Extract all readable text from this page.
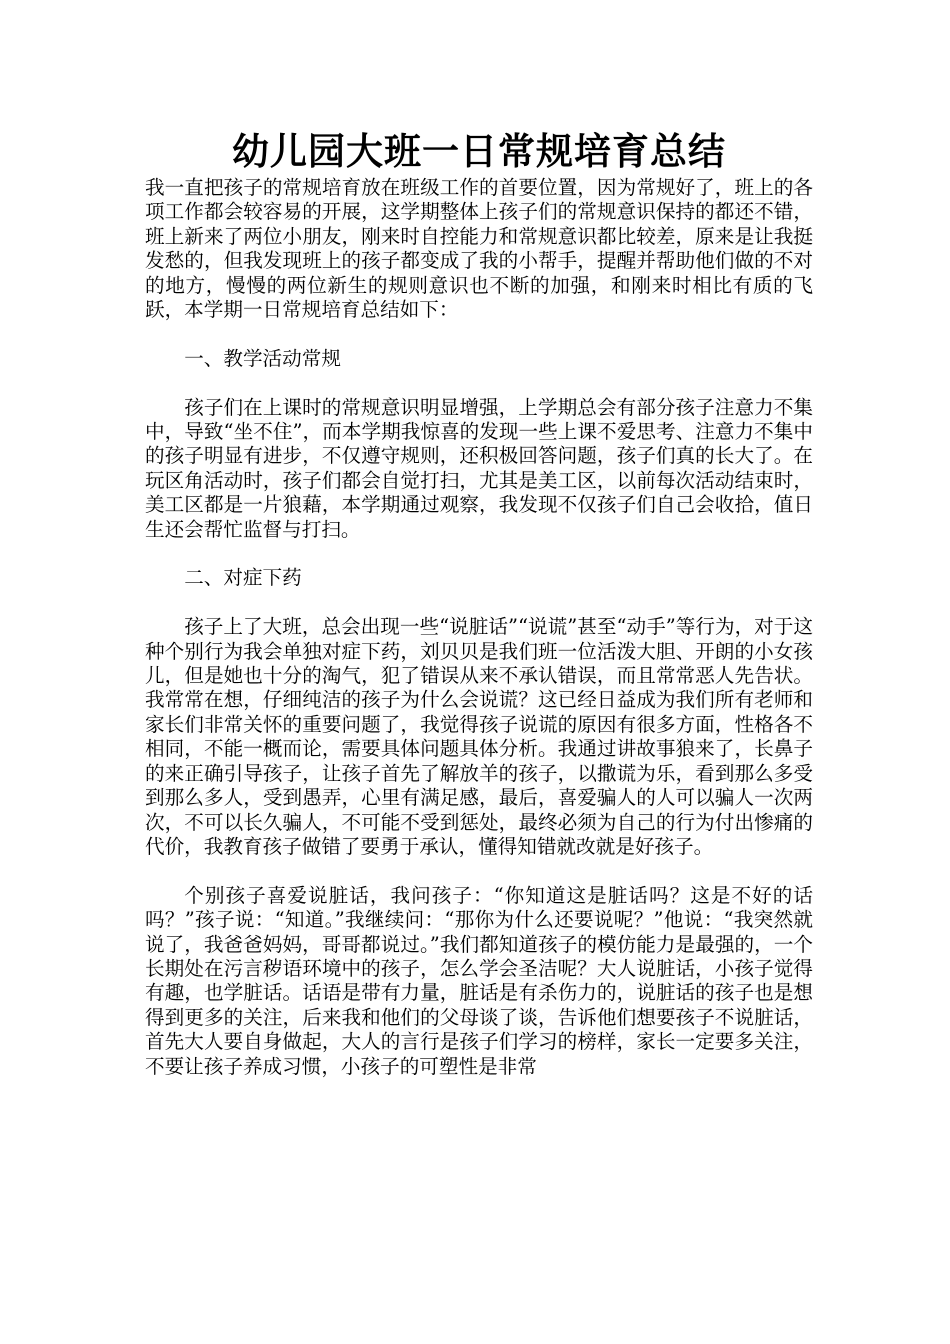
幼儿园大班一日常规培育总结

我一直把孩子的常规培育放在班级工作的首要位置，因为常规好了，班上的各项工作都会较容易的开展，这学期整体上孩子们的常规意识保持的都还不错，班上新来了两位小朋友，刚来时自控能力和常规意识都比较差，原来是让我挺发愁的，但我发现班上的孩子都变成了我的小帮手，提醒并帮助他们做的不对的地方，慢慢的两位新生的规则意识也不断的加强，和刚来时相比有质的飞跃，本学期一日常规培育总结如下：

一、教学活动常规

孩子们在上课时的常规意识明显增强，上学期总会有部分孩子注意力不集中，导致“坐不住”，而本学期我惊喜的发现一些上课不爱思考、注意力不集中的孩子明显有进步，不仅遵守规则，还积极回答问题，孩子们真的长大了。在玩区角活动时，孩子们都会自觉打扫，尤其是美工区，以前每次活动结束时，美工区都是一片狼藉，本学期通过观察，我发现不仅孩子们自己会收拾，值日生还会帮忙监督与打扫。

二、对症下药

孩子上了大班，总会出现一些“说脏话”“说谎”甚至“动手”等行为，对于这种个别行为我会单独对症下药，刘贝贝是我们班一位活泼大胆、开朗的小女孩儿，但是她也十分的淘气，犯了错误从来不承认错误，而且常常恶人先告状。我常常在想，仔细纯洁的孩子为什么会说谎？这已经日益成为我们所有老师和家长们非常关怀的重要问题了，我觉得孩子说谎的原因有很多方面，性格各不相同，不能一概而论，需要具体问题具体分析。我通过讲故事狼来了，长鼻子的来正确引导孩子，让孩子首先了解放羊的孩子，以撒谎为乐，看到那么多受到那么多人，受到愚弄，心里有满足感，最后，喜爱骗人的人可以骗人一次两次，不可以长久骗人，不可能不受到惩处，最终必须为自己的行为付出惨痛的代价，我教育孩子做错了要勇于承认，懂得知错就改就是好孩子。

个别孩子喜爱说脏话，我问孩子：“你知道这是脏话吗？这是不好的话吗？”孩子说：“知道。”我继续问：“那你为什么还要说呢？”他说：“我突然就说了，我爸爸妈妈，哥哥都说过。”我们都知道孩子的模仿能力是最强的，一个长期处在污言秽语环境中的孩子，怎么学会圣洁呢？大人说脏话，小孩子觉得有趣，也学脏话。话语是带有力量，脏话是有杀伤力的，说脏话的孩子也是想得到更多的关注，后来我和他们的父母谈了谈，告诉他们想要孩子不说脏话，首先大人要自身做起，大人的言行是孩子们学习的榜样，家长一定要多关注，不要让孩子养成习惯，小孩子的可塑性是非常
